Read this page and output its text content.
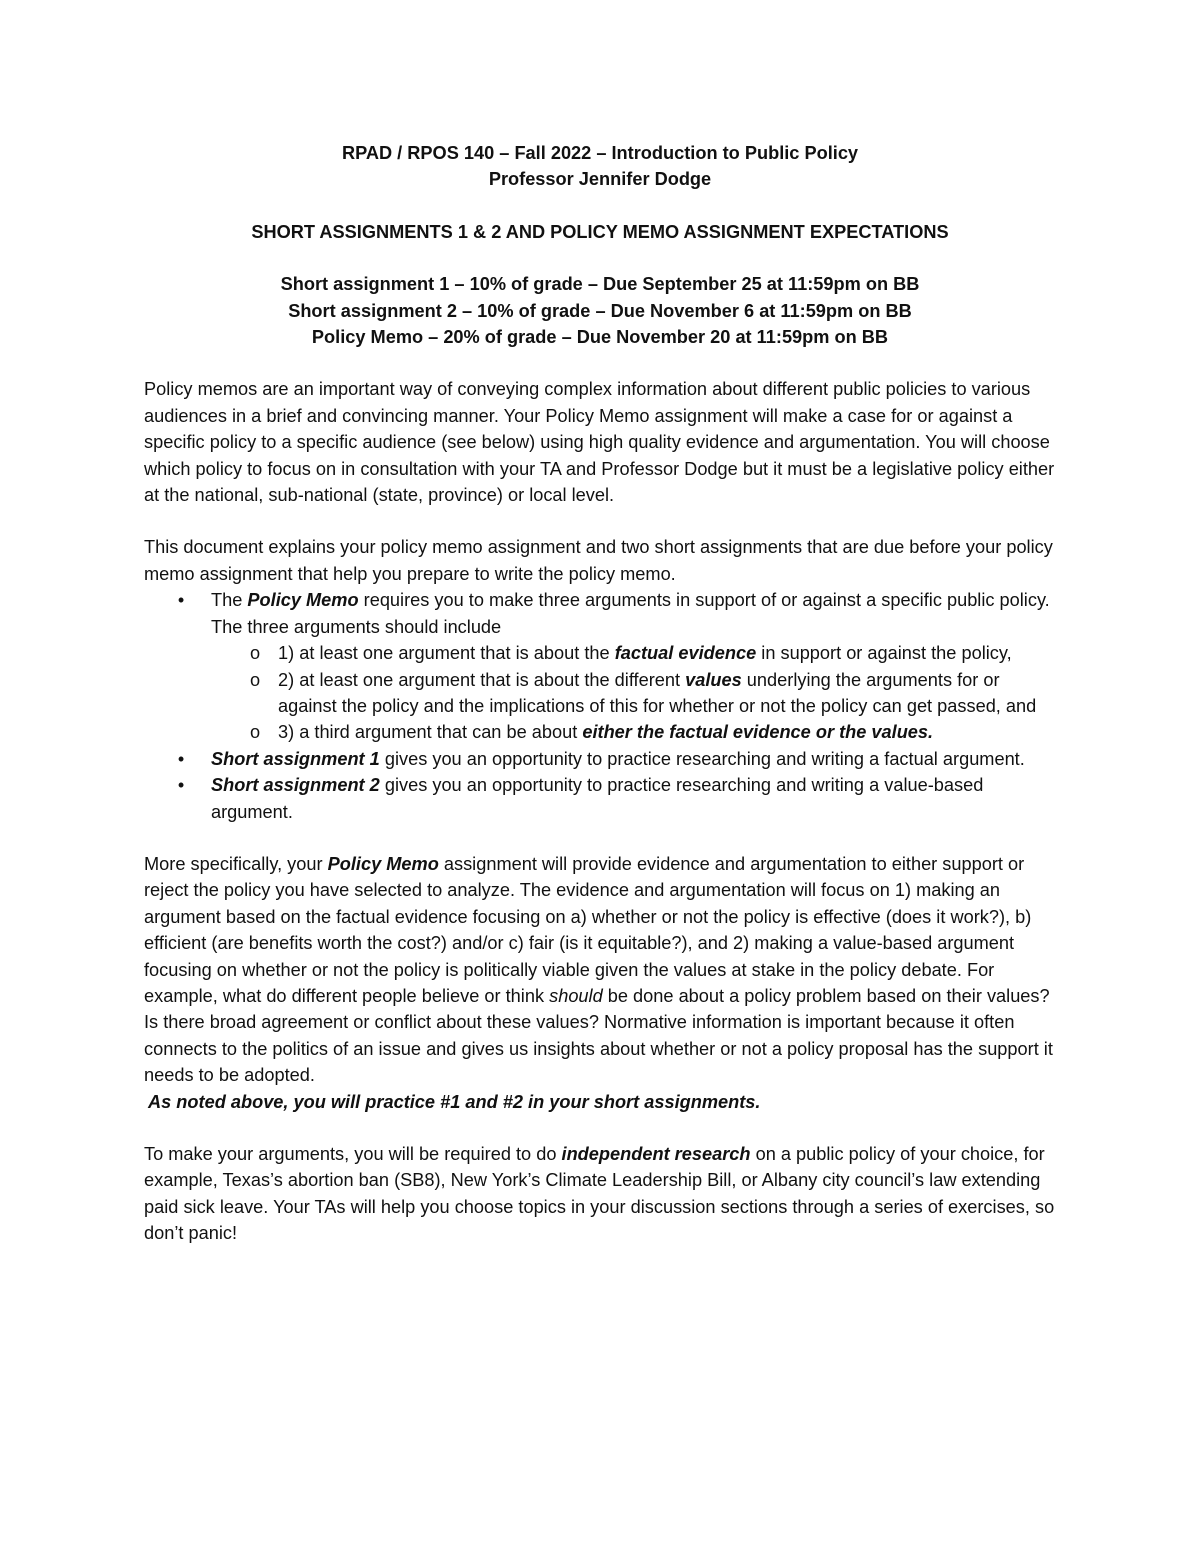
RPAD / RPOS 140 – Fall 2022 – Introduction to Public Policy
Professor Jennifer Dodge
SHORT ASSIGNMENTS 1 & 2 AND POLICY MEMO ASSIGNMENT EXPECTATIONS
Short assignment 1 – 10% of grade – Due September 25 at 11:59pm on BB
Short assignment 2 – 10% of grade – Due November 6 at 11:59pm on BB
Policy Memo – 20% of grade – Due November 20 at 11:59pm on BB

Policy memos are an important way of conveying complex information about different public policies to various audiences in a brief and convincing manner. Your Policy Memo assignment will make a case for or against a specific policy to a specific audience (see below) using high quality evidence and argumentation. You will choose which policy to focus on in consultation with your TA and Professor Dodge but it must be a legislative policy either at the national, sub-national (state, province) or local level.

This document explains your policy memo assignment and two short assignments that are due before your policy memo assignment that help you prepare to write the policy memo.

• The Policy Memo requires you to make three arguments in support of or against a specific public policy. The three arguments should include
o 1) at least one argument that is about the factual evidence in support or against the policy,
o 2) at least one argument that is about the different values underlying the arguments for or against the policy and the implications of this for whether or not the policy can get passed, and
o 3) a third argument that can be about either the factual evidence or the values.
• Short assignment 1 gives you an opportunity to practice researching and writing a factual argument.
• Short assignment 2 gives you an opportunity to practice researching and writing a value-based argument.

More specifically, your Policy Memo assignment will provide evidence and argumentation to either support or reject the policy you have selected to analyze. The evidence and argumentation will focus on 1) making an argument based on the factual evidence focusing on a) whether or not the policy is effective (does it work?), b) efficient (are benefits worth the cost?) and/or c) fair (is it equitable?), and 2) making a value-based argument focusing on whether or not the policy is politically viable given the values at stake in the policy debate. For example, what do different people believe or think should be done about a policy problem based on their values? Is there broad agreement or conflict about these values? Normative information is important because it often connects to the politics of an issue and gives us insights about whether or not a policy proposal has the support it needs to be adopted.

As noted above, you will practice #1 and #2 in your short assignments.

To make your arguments, you will be required to do independent research on a public policy of your choice, for example, Texas’s abortion ban (SB8), New York’s Climate Leadership Bill, or Albany city council’s law extending paid sick leave. Your TAs will help you choose topics in your discussion sections through a series of exercises, so don’t panic!
